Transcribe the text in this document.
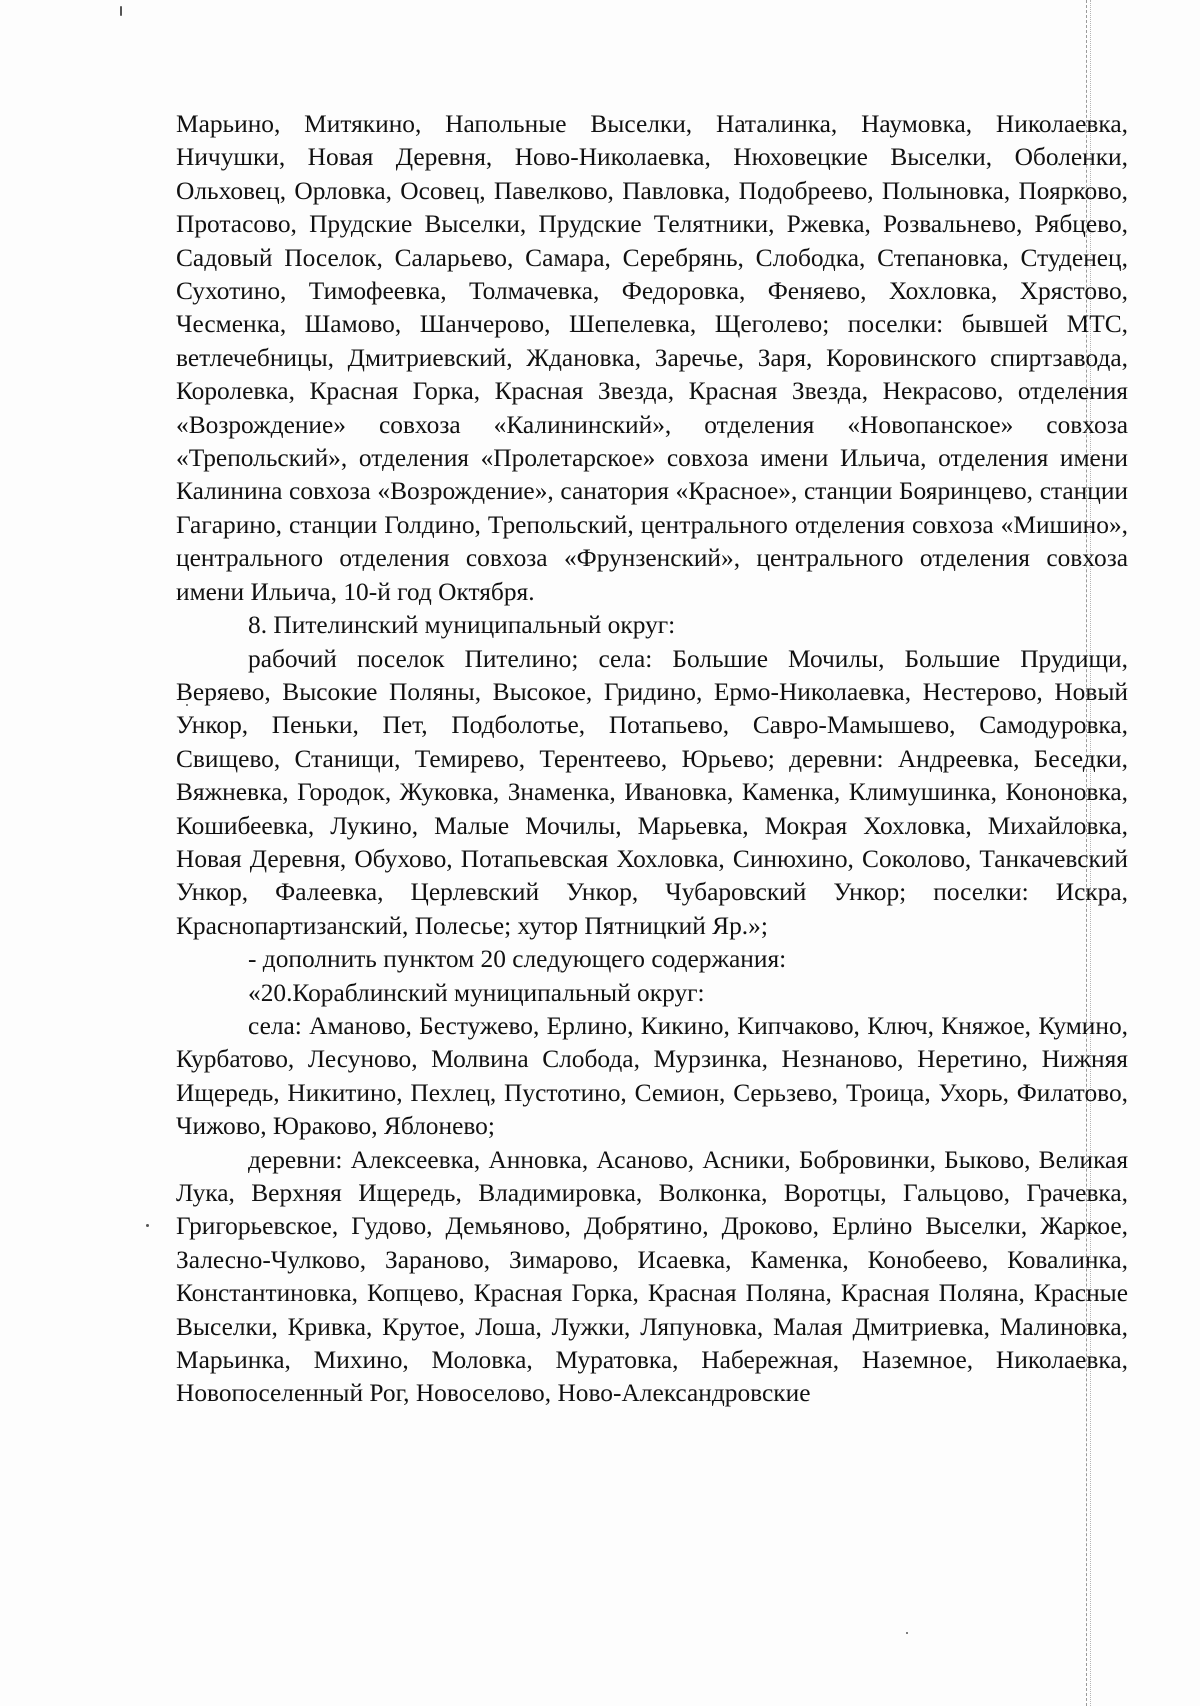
Марьино, Митякино, Напольные Выселки, Наталинка, Наумовка, Николаевка, Ничушки, Новая Деревня, Ново-Николаевка, Нюховецкие Выселки, Оболенки, Ольховец, Орловка, Осовец, Павелково, Павловка, Подобреево, Полыновка, Поярково, Протасово, Прудские Выселки, Прудские Телятники, Ржевка, Розвальнево, Рябцево, Садовый Поселок, Саларьево, Самара, Серебрянь, Слободка, Степановка, Студенец, Сухотино, Тимофеевка, Толмачевка, Федоровка, Феняево, Хохловка, Хрястово, Чесменка, Шамово, Шанчерово, Шепелевка, Щеголево; поселки: бывшей МТС, ветлечебницы, Дмитриевский, Ждановка, Заречье, Заря, Коровинского спиртзавода, Королевка, Красная Горка, Красная Звезда, Красная Звезда, Некрасово, отделения «Возрождение» совхоза «Калининский», отделения «Новопанское» совхоза «Трепольский», отделения «Пролетарское» совхоза имени Ильича, отделения имени Калинина совхоза «Возрождение», санатория «Красное», станции Бояринцево, станции Гагарино, станции Голдино, Трепольский, центрального отделения совхоза «Мишино», центрального отделения совхоза «Фрунзенский», центрального отделения совхоза имени Ильича, 10-й год Октября.

8. Пителинский муниципальный округ:

рабочий поселок Пителино; села: Большие Мочилы, Большие Прудищи, Веряево, Высокие Поляны, Высокое, Гридино, Ермо-Николаевка, Нестерово, Новый Ункор, Пеньки, Пет, Подболотье, Потапьево, Савро-Мамышево, Самодуровка, Свищево, Станищи, Темирево, Терентеево, Юрьево; деревни: Андреевка, Беседки, Вяжневка, Городок, Жуковка, Знаменка, Ивановка, Каменка, Климушинка, Кононовка, Кошибеевка, Лукино, Малые Мочилы, Марьевка, Мокрая Хохловка, Михайловка, Новая Деревня, Обухово, Потапьевская Хохловка, Синюхино, Соколово, Танкачевский Ункор, Фалеевка, Церлевский Ункор, Чубаровский Ункор; поселки: Искра, Краснопартизанский, Полесье; хутор Пятницкий Яр.»;

- дополнить пунктом 20 следующего содержания:

«20.Кораблинский муниципальный округ:

села: Аманово, Бестужево, Ерлино, Кикино, Кипчаково, Ключ, Княжое, Кумино, Курбатово, Лесуново, Молвина Слобода, Мурзинка, Незнаново, Неретино, Нижняя Ищередь, Никитино, Пехлец, Пустотино, Семион, Серьзево, Троица, Ухорь, Филатово, Чижово, Юраково, Яблонево;

деревни: Алексеевка, Анновка, Асаново, Асники, Бобровинки, Быково, Великая Лука, Верхняя Ищередь, Владимировка, Волконка, Воротцы, Гальцово, Грачевка, Григорьевское, Гудово, Демьяново, Добрятино, Дроково, Ерлино Выселки, Жаркое, Залесно-Чулково, Зараново, Зимарово, Исаевка, Каменка, Конобеево, Ковалинка, Константиновка, Копцево, Красная Горка, Красная Поляна, Красная Поляна, Красные Выселки, Кривка, Крутое, Лоша, Лужки, Ляпуновка, Малая Дмитриевка, Малиновка, Марьинка, Михино, Моловка, Муратовка, Набережная, Наземное, Николаевка, Новопоселенный Рог, Новоселово, Ново-Александровские
